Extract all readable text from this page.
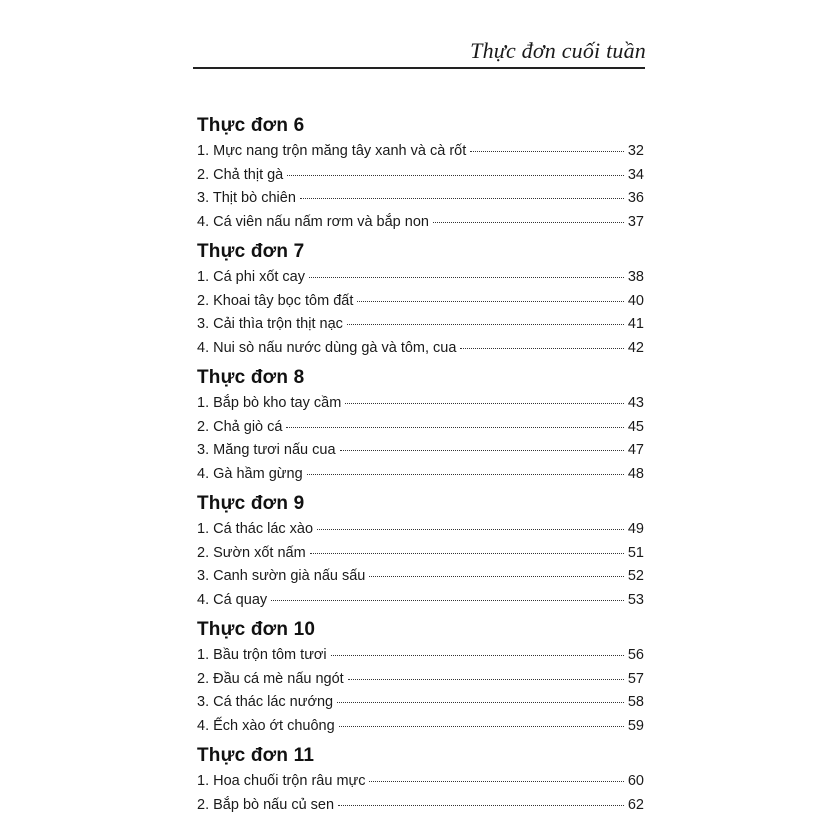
Thực đơn cuối tuần
Thực đơn 6
1. Mực nang trộn măng tây xanh và cà rốt	32
2. Chả thịt gà	34
3. Thịt bò chiên	36
4. Cá viên nấu nấm rơm và bắp non	37
Thực đơn 7
1. Cá phi xốt cay	38
2. Khoai tây bọc tôm đất	40
3. Cải thìa trộn thịt nạc	41
4. Nui sò nấu nước dùng gà và tôm, cua	42
Thực đơn 8
1. Bắp bò kho tay cầm	43
2. Chả giò cá	45
3. Măng tươi nấu cua	47
4. Gà hầm gừng	48
Thực đơn 9
1. Cá thác lác xào	49
2. Sườn xốt nấm	51
3. Canh sườn già nấu sấu	52
4. Cá quay	53
Thực đơn 10
1. Bầu trộn tôm tươi	56
2. Đầu cá mè nấu ngót	57
3. Cá thác lác nướng	58
4. Ếch xào ớt chuông	59
Thực đơn 11
1. Hoa chuối trộn râu mực	60
2. Bắp bò nấu củ sen	62
